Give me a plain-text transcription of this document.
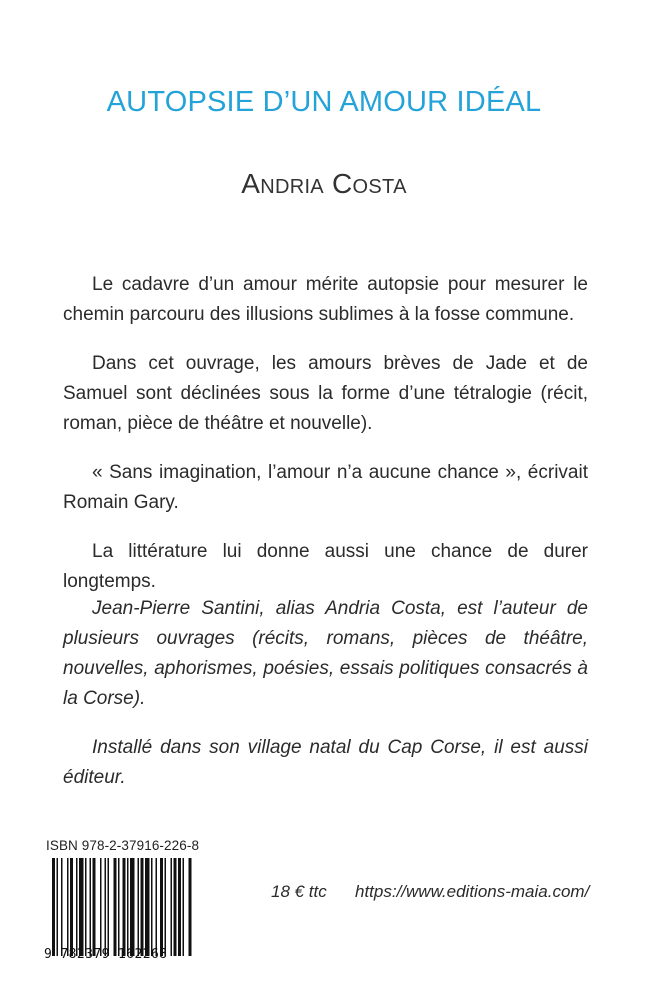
AUTOPSIE D’UN AMOUR IDÉAL
Andria Costa

Le cadavre d’un amour mérite autopsie pour mesurer le chemin parcouru des illusions sublimes à la fosse commune.

Dans cet ouvrage, les amours brèves de Jade et de Samuel sont déclinées sous la forme d’une tétralogie (récit, roman, pièce de théâtre et nouvelle).

« Sans imagination, l’amour n’a aucune chance », écrivait Romain Gary.

La littérature lui donne aussi une chance de durer longtemps.

Jean-Pierre Santini, alias Andria Costa, est l’auteur de plusieurs ouvrages (récits, romans, pièces de théâtre, nouvelles, aphorismes, poésies, essais politiques consacrés à la Corse).

Installé dans son village natal du Cap Corse, il est aussi éditeur.

ISBN 978-2-37916-226-8
9 782379 162268
18 € ttc https://www.editions-maia.com/
